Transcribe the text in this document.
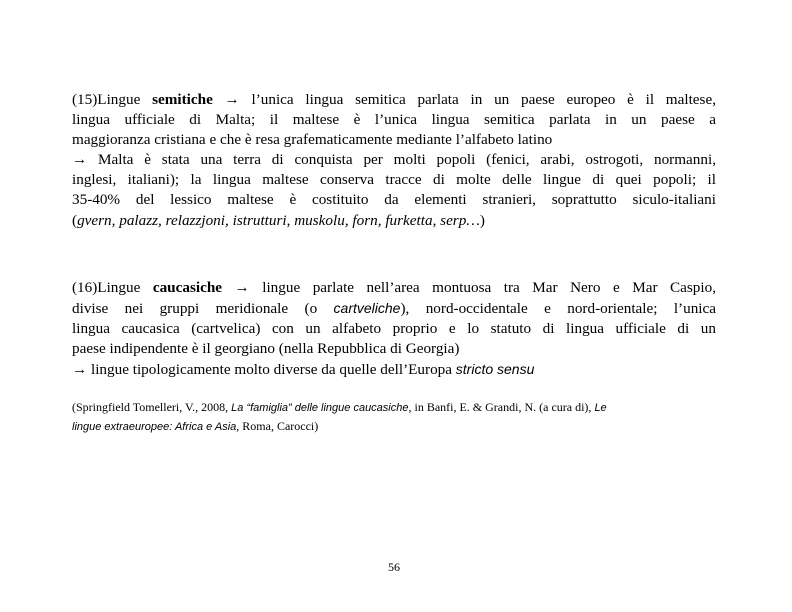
(15)Lingue semitiche → l’unica lingua semitica parlata in un paese europeo è il maltese,
lingua ufficiale di Malta; il maltese è l’unica lingua semitica parlata in un paese a
maggioranza cristiana e che è resa grafematicamente mediante l’alfabeto latino
→ Malta è stata una terra di conquista per molti popoli (fenici, arabi, ostrogoti, normanni,
inglesi, italiani); la lingua maltese conserva tracce di molte delle lingue di quei popoli; il
35-40% del lessico maltese è costituito da elementi stranieri, soprattutto siculo-italiani
(gvern, palazz, relazzjoni, istrutturi, muskolu, forn, furketta, serp…)
(16)Lingue caucasiche → lingue parlate nell’area montuosa tra Mar Nero e Mar Caspio,
divise nei gruppi meridionale (o cartveliche), nord-occidentale e nord-orientale; l’unica
lingua caucasica (cartvelica) con un alfabeto proprio e lo statuto di lingua ufficiale di un
paese indipendente è il georgiano (nella Repubblica di Georgia)
→ lingue tipologicamente molto diverse da quelle dell’Europa stricto sensu
(Springfield Tomelleri, V., 2008, La “famiglia” delle lingue caucasiche, in Banfi, E. & Grandi, N. (a cura di), Le
lingue extraeuropee: Africa e Asia, Roma, Carocci)
56
